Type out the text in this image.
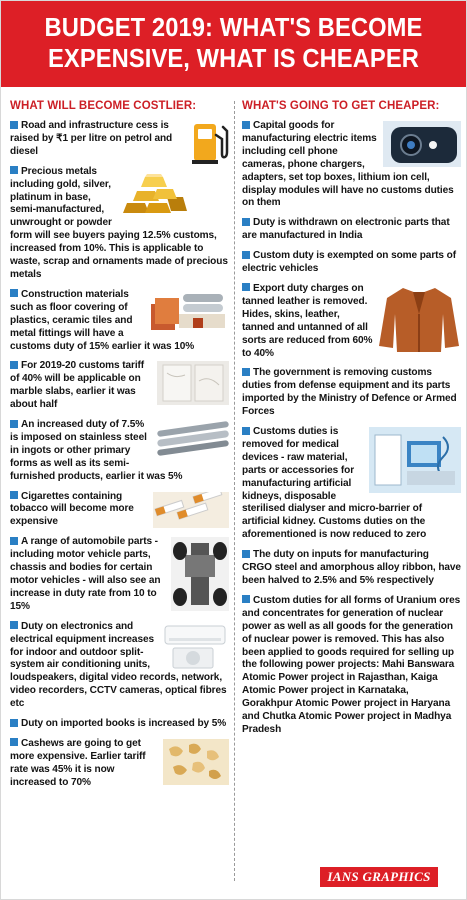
BUDGET 2019: WHAT'S BECOME
EXPENSIVE, WHAT IS CHEAPER
WHAT WILL BECOME COSTLIER:
Road and infrastructure cess is raised by ₹1 per litre on petrol and diesel
Precious metals including gold, silver, platinum in base, semi-manufactured, unwrought or powder form will see buyers paying 12.5% customs, increased from 10%. This is applicable to waste, scrap and ornaments made of precious metals
Construction materials such as floor covering of plastics, ceramic tiles and metal fittings will have a customs duty of 15% earlier it was 10%
For 2019-20 customs tariff of 40% will be applicable on marble slabs, earlier it was about half
An increased duty of 7.5% is imposed on stainless steel in ingots or other primary forms as well as its semi-furnished products, earlier it was 5%
Cigarettes containing tobacco will become more expensive
A range of automobile parts - including motor vehicle parts, chassis and bodies for certain motor vehicles - will also see an increase in duty rate from 10 to 15%
Duty on electronics and electrical equipment increases for indoor and outdoor split-system air conditioning units, loudspeakers, digital video records, network, video recorders, CCTV cameras, optical fibres etc
Duty on imported books is increased by 5%
Cashews are going to get more expensive. Earlier tariff rate was 45% it is now increased to 70%
WHAT'S GOING TO GET CHEAPER:
Capital goods for manufacturing electric items including cell phone cameras, phone chargers, adapters, set top boxes, lithium ion cell, display modules will have no customs duties on them
Duty is withdrawn on electronic parts that are manufactured in India
Custom duty is exempted on some parts of electric vehicles
Export duty charges on tanned leather is removed. Hides, skins, leather, tanned and untanned of all sorts are reduced from 60% to 40%
The government is removing customs duties from defense equipment and its parts imported by the Ministry of Defence or Armed Forces
Customs duties is removed for medical devices - raw material, parts or accessories for manufacturing artificial kidneys, disposable sterilised dialyser and micro-barrier of artificial kidney. Customs duties on the aforementioned is now reduced to zero
The duty on inputs for manufacturing CRGO steel and amorphous alloy ribbon, have been halved to 2.5% and 5% respectively
Custom duties for all forms of Uranium ores and concentrates for generation of nuclear power as well as all goods for the generation of nuclear power is removed. This has also been applied to goods required for selling up the following power projects: Mahi Banswara Atomic Power project in Rajasthan, Kaiga Atomic Power project in Karnataka, Gorakhpur Atomic Power project in Haryana and Chutka Atomic Power project in Madhya Pradesh
IANS GRAPHICS
